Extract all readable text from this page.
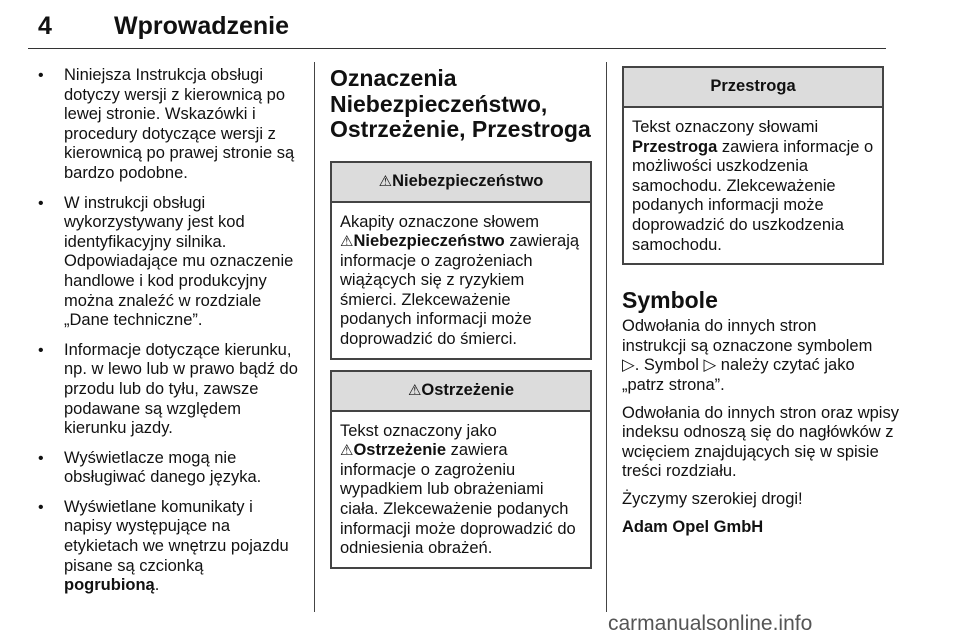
4 Wprowadzenie
• Niniejsza Instrukcja obsługi dotyczy wersji z kierownicą po lewej stronie. Wskazówki i procedury dotyczące wersji z kierownicą po prawej stronie są bardzo podobne.
• W instrukcji obsługi wykorzystywany jest kod identyfikacyjny silnika. Odpowiadające mu oznaczenie handlowe i kod produkcyjny można znaleźć w rozdziale „Dane techniczne”.
• Informacje dotyczące kierunku, np. w lewo lub w prawo bądź do przodu lub do tyłu, zawsze podawane są względem kierunku jazdy.
• Wyświetlacze mogą nie obsługiwać danego języka.
• Wyświetlane komunikaty i napisy występujące na etykietach we wnętrzu pojazdu pisane są czcionką pogrubioną.
Oznaczenia
Niebezpieczeństwo,
Ostrzeżenie, Przestroga
⚠Niebezpieczeństwo
Akapity oznaczone słowem
⚠Niebezpieczeństwo zawierają informacje o zagrożeniach wiążących się z ryzykiem śmierci. Zlekceważenie podanych informacji może doprowadzić do śmierci.
⚠Ostrzeżenie
Tekst oznaczony jako
⚠Ostrzeżenie zawiera informacje o zagrożeniu wypadkiem lub obrażeniami ciała. Zlekceważenie podanych informacji może doprowadzić do odniesienia obrażeń.
Przestroga
Tekst oznaczony słowami
Przestroga zawiera informacje o możliwości uszkodzenia samochodu. Zlekceważenie podanych informacji może doprowadzić do uszkodzenia samochodu.
Symbole

Odwołania do innych stron instrukcji są oznaczone symbolem ▷. Symbol ▷ należy czytać jako „patrz strona”.

Odwołania do innych stron oraz wpisy indeksu odnoszą się do nagłówków z wcięciem znajdujących się w spisie treści rozdziału.

Życzymy szerokiej drogi!

Adam Opel GmbH

carmanualsonline.info
